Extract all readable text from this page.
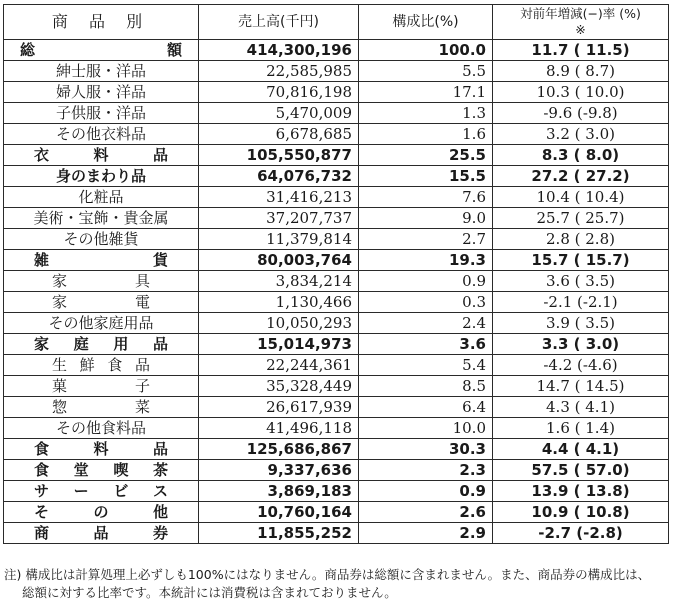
商 品 別	売上高(千円)	構成比(%)	対前年増減(−)率 (%)
※

総 額	414,300,196	100.0	11.7 ( 11.5)
紳士服・洋品	22,585,985	5.5	8.9 ( 8.7)
婦人服・洋品	70,816,198	17.1	10.3 ( 10.0)
子供服・洋品	5,470,009	1.3	-9.6 (-9.8)
その他衣料品	6,678,685	1.6	3.2 ( 3.0)

衣 料 品	105,550,877	25.5	8.3 ( 8.0)
身のまわり品	64,076,732	15.5	27.2 ( 27.2)
化粧品	31,416,213	7.6	10.4 ( 10.4)
美術・宝飾・貴金属	37,207,737	9.0	25.7 ( 25.7)
その他雑貨	11,379,814	2.7	2.8 ( 2.8)

雑 貨	80,003,764	19.3	15.7 ( 15.7)

家 具	3,834,214	0.9	3.6 ( 3.5)

家 電	1,130,466	0.3	-2.1 (-2.1)
その他家庭用品	10,050,293	2.4	3.9 ( 3.5)

家 庭 用 品	15,014,973	3.6	3.3 ( 3.0)

生 鮮 食 品	22,244,361	5.4	-4.2 (-4.6)

菓 子	35,328,449	8.5	14.7 ( 14.5)

惣 菜	26,617,939	6.4	4.3 ( 4.1)
その他食料品	41,496,118	10.0	1.6 ( 1.4)

食 料 品	125,686,867	30.3	4.4 ( 4.1)

食 堂 喫 茶	9,337,636	2.3	57.5 ( 57.0)

サ ー ビ ス	3,869,183	0.9	13.9 ( 13.8)

そ の 他	10,760,164	2.6	10.9 ( 10.8)

商 品 券	11,855,252	2.9	-2.7 (-2.8)
注) 構成比は計算処理上必ずしも100%にはなりません。商品券は総額に含まれません。また、商品券の構成比は、
総額に対する比率です。本統計には消費税は含まれておりません。
